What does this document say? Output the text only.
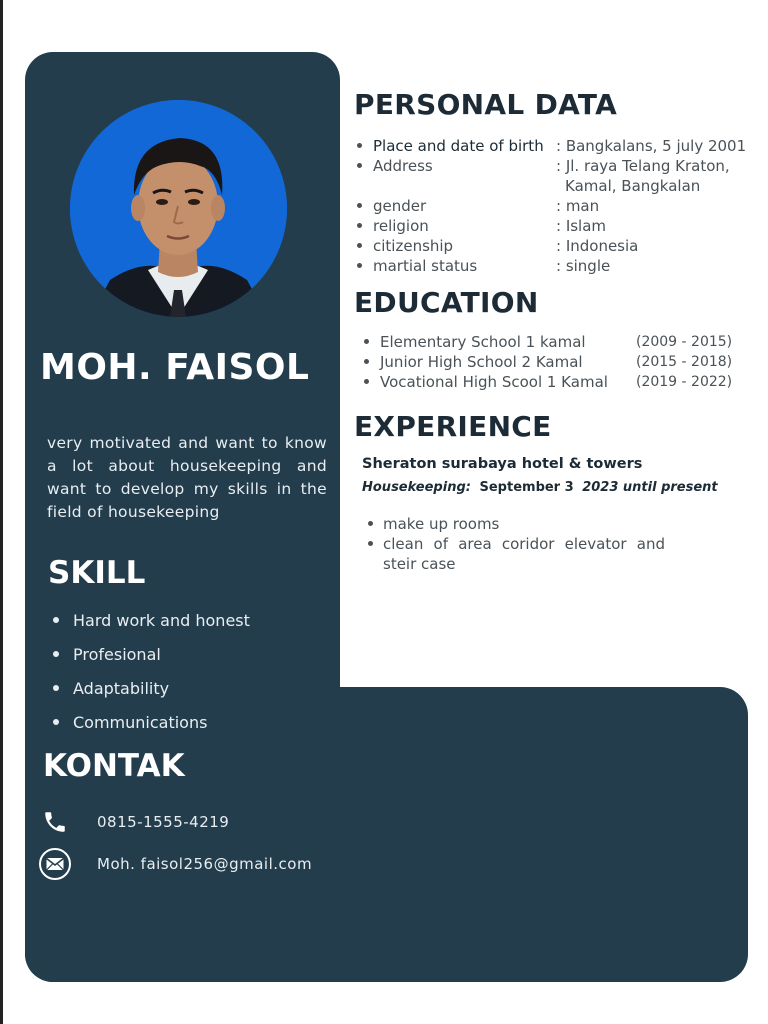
MOH. FAISOL
very motivated and want to know a lot about housekeeping and want to develop my skills in the field of housekeeping
SKILL
Hard work and honest
Profesional
Adaptability
Communications
KONTAK
0815-1555-4219
Moh. faisol256@gmail.com
PERSONAL DATA
	Place and date of birth	: Bangkalans, 5 july 2001
	Address	: Jl. raya Telang Kraton,
Kamal, Bangkalan

	gender	: man
	religion	: Islam
	citizenship	: Indonesia
	martial status	: single
EDUCATION
	Elementary School 1 kamal	(2009 - 2015)
	Junior High School 2 Kamal	(2015 - 2018)
	Vocational High Scool 1 Kamal	(2019 - 2022)
EXPERIENCE
Sheraton surabaya hotel & towers
Housekeeping: September 3 2023 until present
make up rooms
clean of area coridor elevator and steir case
